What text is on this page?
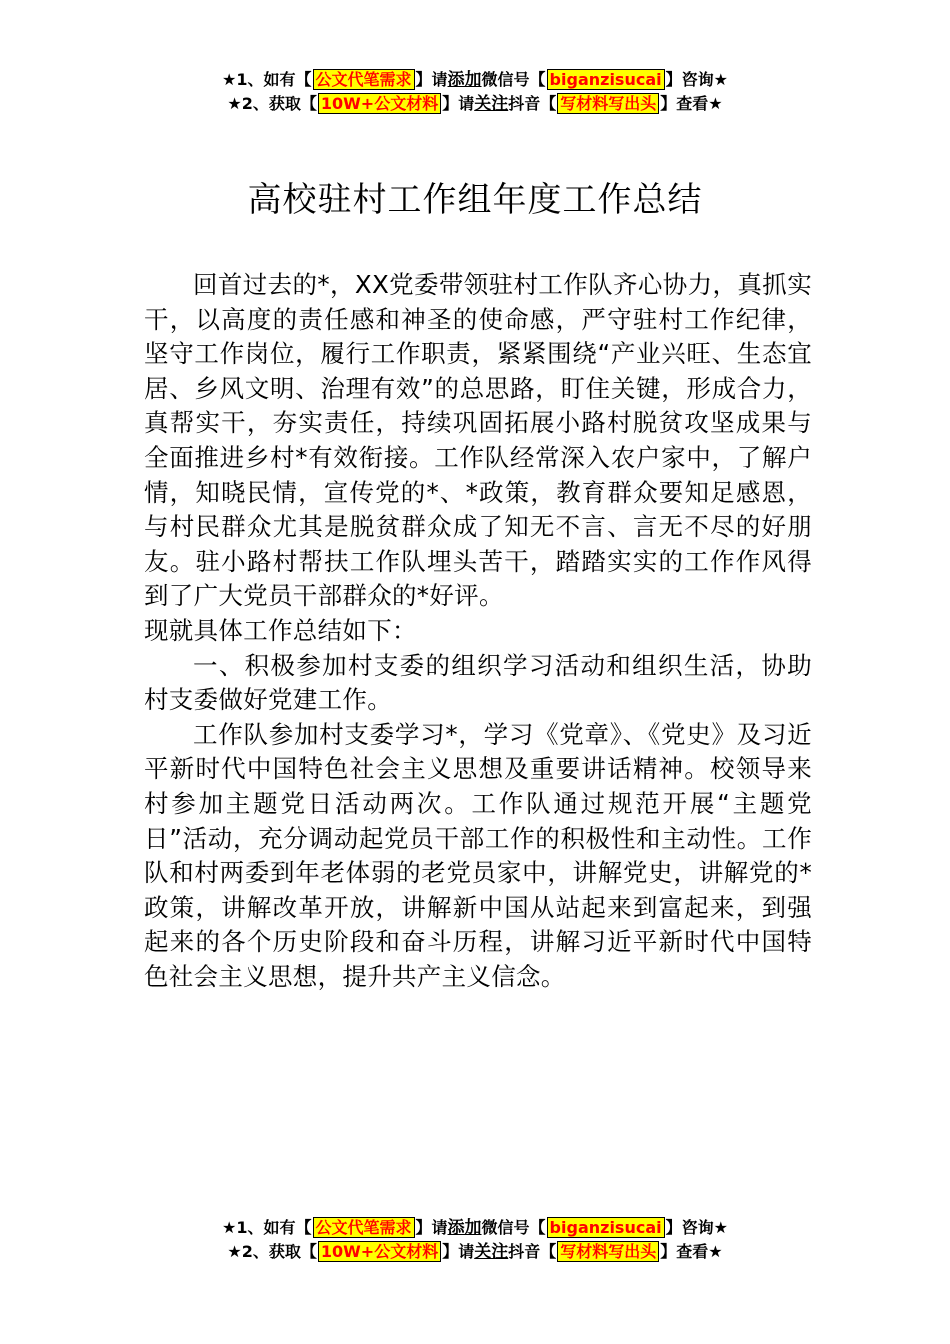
★1、如有【 公文代笔需求 】请添加微信号【 biganzisucai 】咨询★
★2、获取【 10W+公文材料 】请关注抖音【 写材料写出头 】查看★
高校驻村工作组年度工作总结

回首过去的*，XX党委带领驻村工作队齐心协力，真抓实干，以高度的责任感和神圣的使命感，严守驻村工作纪律，坚守工作岗位，履行工作职责，紧紧围绕“产业兴旺、生态宜居、乡风文明、治理有效”的总思路，盯住关键，形成合力，真帮实干，夯实责任，持续巩固拓展小路村脱贫攻坚成果与全面推进乡村*有效衔接。工作队经常深入农户家中，了解户情，知晓民情，宣传党的*、*政策，教育群众要知足感恩，与村民群众尤其是脱贫群众成了知无不言、言无不尽的好朋友。驻小路村帮扶工作队埋头苦干，踏踏实实的工作作风得到了广大党员干部群众的*好评。

现就具体工作总结如下：

一、积极参加村支委的组织学习活动和组织生活，协助村支委做好党建工作。

工作队参加村支委学习*，学习《党章》、《党史》及习近平新时代中国特色社会主义思想及重要讲话精神。校领导来村参加主题党日活动两次。工作队通过规范开展“主题党日”活动，充分调动起党员干部工作的积极性和主动性。工作队和村两委到年老体弱的老党员家中，讲解党史，讲解党的*政策，讲解改革开放，讲解新中国从站起来到富起来，到强起来的各个历史阶段和奋斗历程，讲解习近平新时代中国特色社会主义思想，提升共产主义信念。

★1、如有【 公文代笔需求 】请添加微信号【 biganzisucai 】咨询★
★2、获取【 10W+公文材料 】请关注抖音【 写材料写出头 】查看★
